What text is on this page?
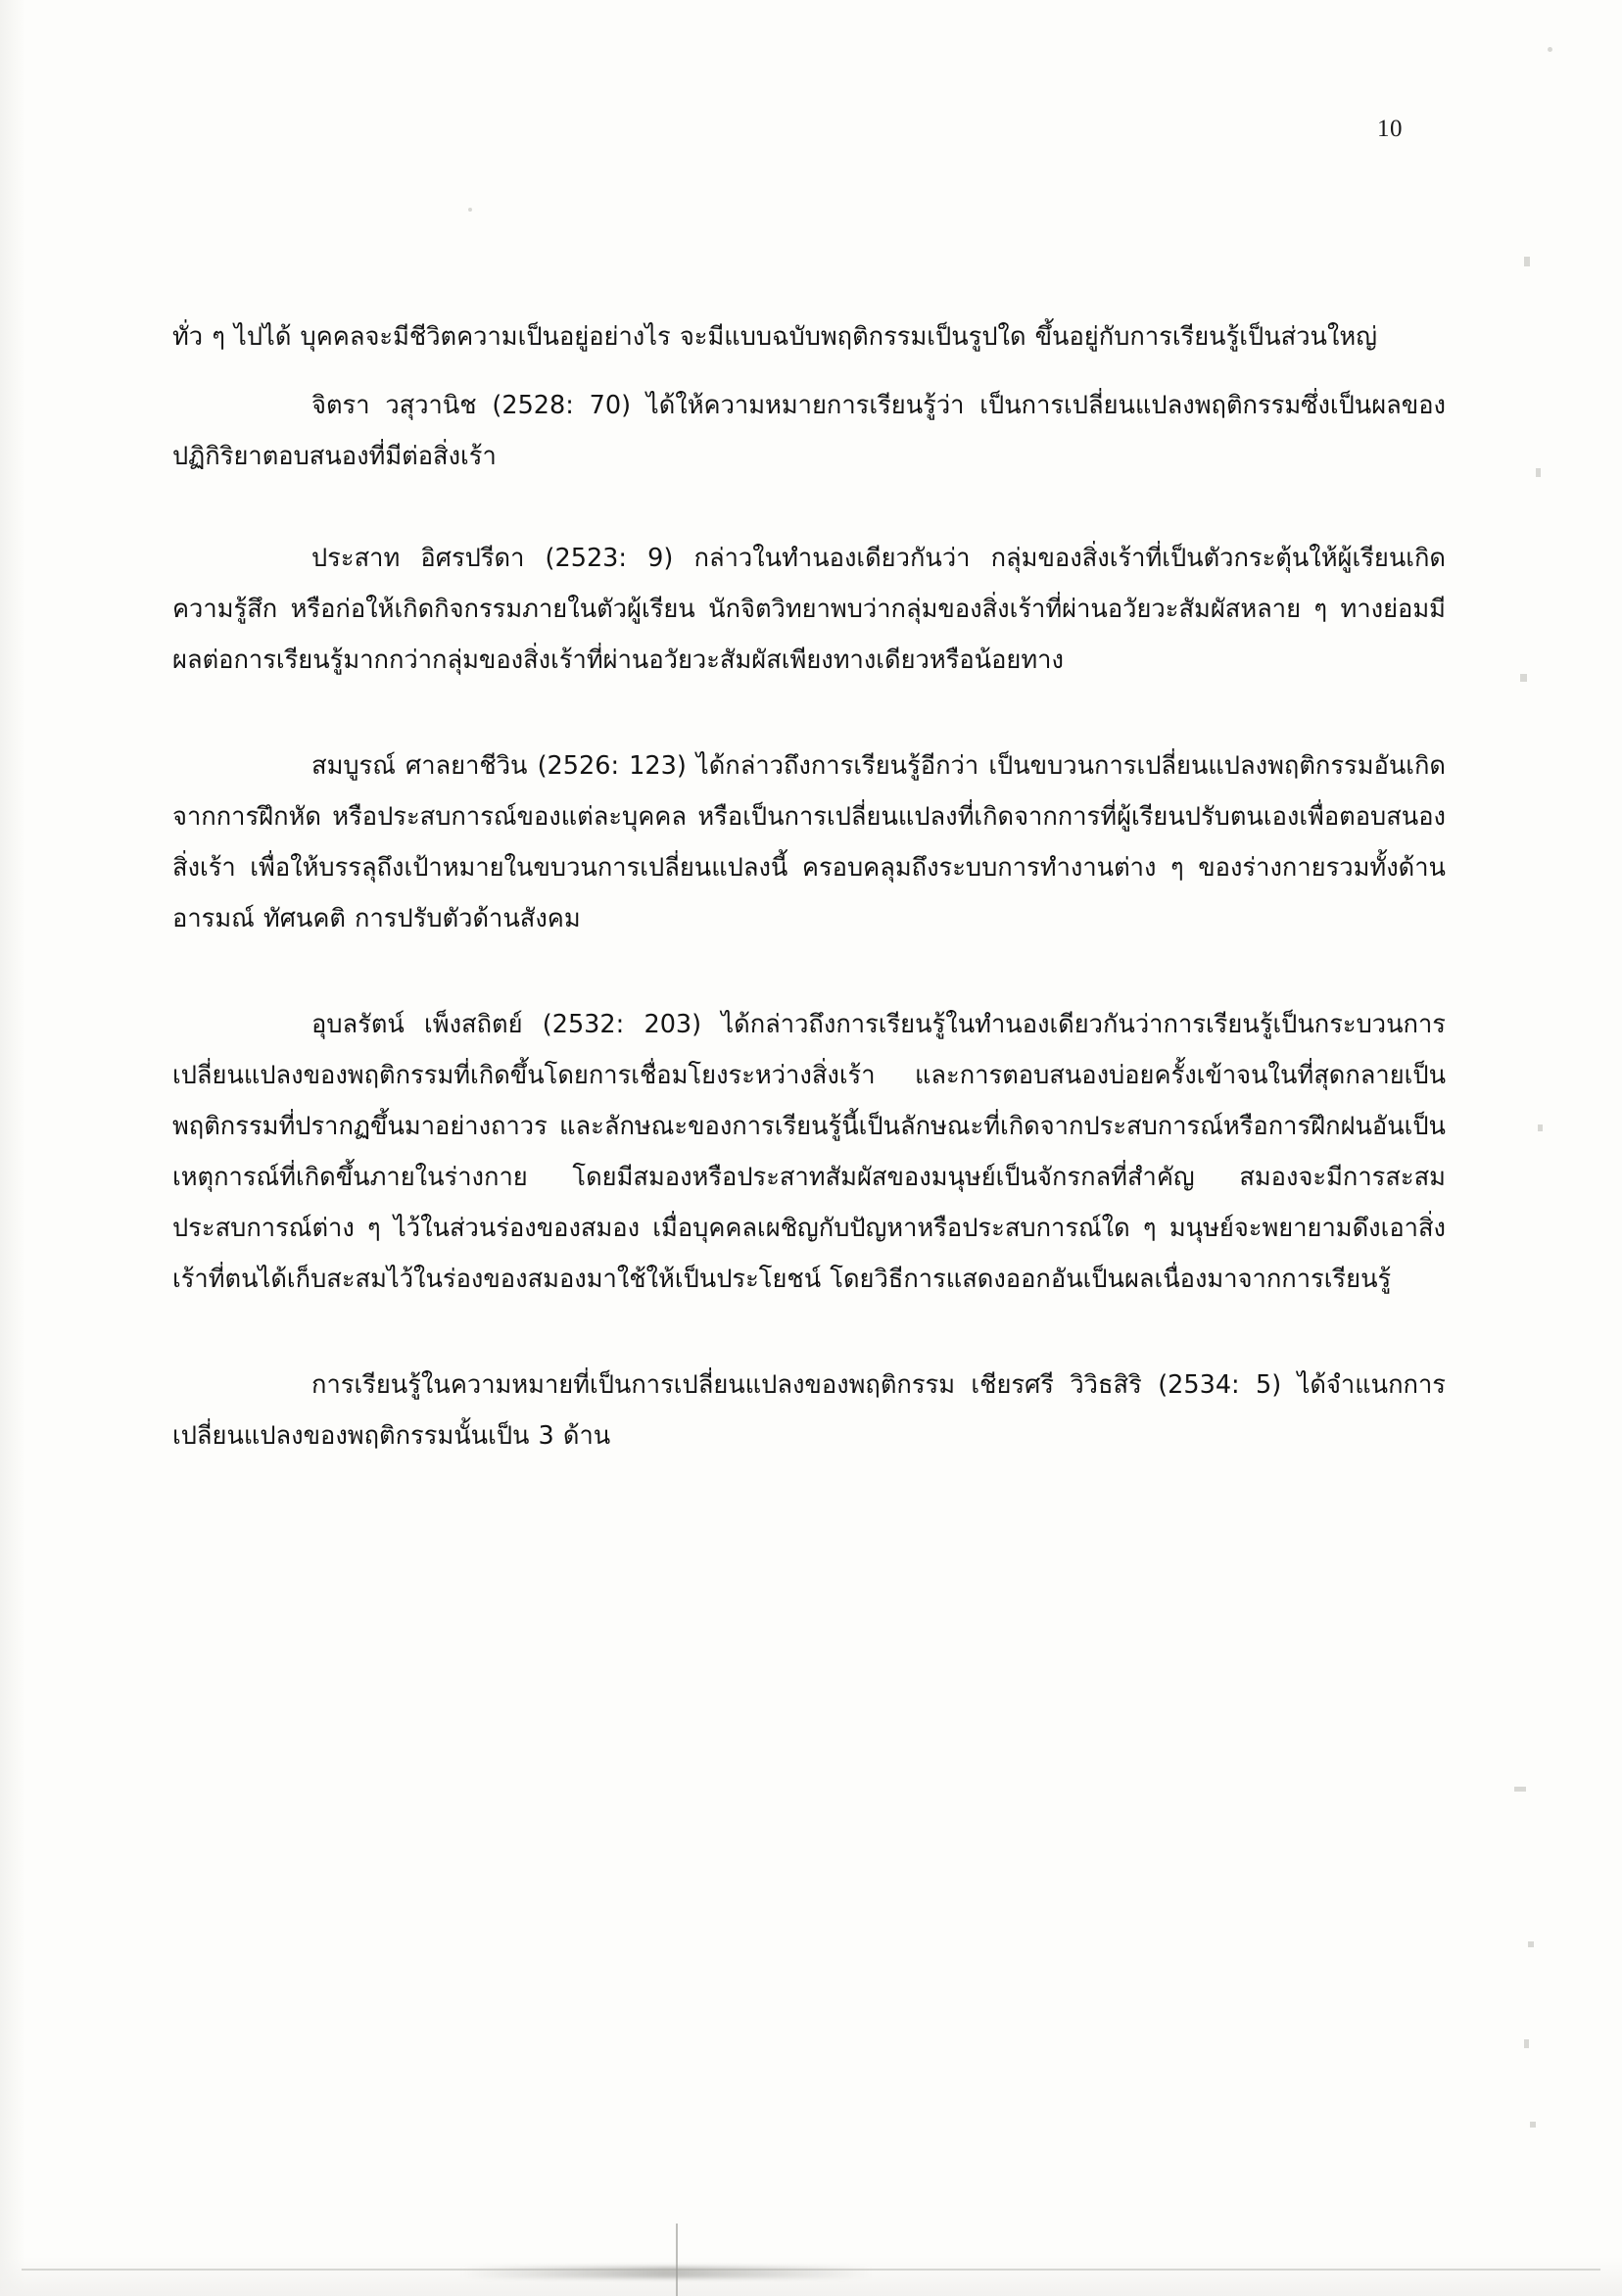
10

ทั่ว ๆ ไปได้ บุคคลจะมีชีวิตความเป็นอยู่อย่างไร จะมีแบบฉบับพฤติกรรมเป็นรูปใด ขึ้นอยู่กับการเรียนรู้เป็นส่วนใหญ่

จิตรา วสุวานิช (2528: 70) ได้ให้ความหมายการเรียนรู้ว่า เป็นการเปลี่ยนแปลงพฤติกรรมซึ่งเป็นผลของปฏิกิริยาตอบสนองที่มีต่อสิ่งเร้า

ประสาท อิศรปรีดา (2523: 9) กล่าวในทำนองเดียวกันว่า กลุ่มของสิ่งเร้าที่เป็นตัวกระตุ้นให้ผู้เรียนเกิดความรู้สึก หรือก่อให้เกิดกิจกรรมภายในตัวผู้เรียน นักจิตวิทยาพบว่ากลุ่มของสิ่งเร้าที่ผ่านอวัยวะสัมผัสหลาย ๆ ทางย่อมมีผลต่อการเรียนรู้มากกว่ากลุ่มของสิ่งเร้าที่ผ่านอวัยวะสัมผัสเพียงทางเดียวหรือน้อยทาง

สมบูรณ์ ศาลยาชีวิน (2526: 123) ได้กล่าวถึงการเรียนรู้อีกว่า เป็นขบวนการเปลี่ยนแปลงพฤติกรรมอันเกิดจากการฝึกหัด หรือประสบการณ์ของแต่ละบุคคล หรือเป็นการเปลี่ยนแปลงที่เกิดจากการที่ผู้เรียนปรับตนเองเพื่อตอบสนองสิ่งเร้า เพื่อให้บรรลุถึงเป้าหมายในขบวนการเปลี่ยนแปลงนี้ ครอบคลุมถึงระบบการทำงานต่าง ๆ ของร่างกายรวมทั้งด้านอารมณ์ ทัศนคติ การปรับตัวด้านสังคม

อุบลรัตน์ เพ็งสถิตย์ (2532: 203) ได้กล่าวถึงการเรียนรู้ในทำนองเดียวกันว่าการเรียนรู้เป็นกระบวนการเปลี่ยนแปลงของพฤติกรรมที่เกิดขึ้นโดยการเชื่อมโยงระหว่างสิ่งเร้า และการตอบสนองบ่อยครั้งเข้าจนในที่สุดกลายเป็นพฤติกรรมที่ปรากฏขึ้นมาอย่างถาวร และลักษณะของการเรียนรู้นี้เป็นลักษณะที่เกิดจากประสบการณ์หรือการฝึกฝนอันเป็นเหตุการณ์ที่เกิดขึ้นภายในร่างกาย โดยมีสมองหรือประสาทสัมผัสของมนุษย์เป็นจักรกลที่สำคัญ สมองจะมีการสะสมประสบการณ์ต่าง ๆ ไว้ในส่วนร่องของสมอง เมื่อบุคคลเผชิญกับปัญหาหรือประสบการณ์ใด ๆ มนุษย์จะพยายามดึงเอาสิ่งเร้าที่ตนได้เก็บสะสมไว้ในร่องของสมองมาใช้ให้เป็นประโยชน์ โดยวิธีการแสดงออกอันเป็นผลเนื่องมาจากการเรียนรู้

การเรียนรู้ในความหมายที่เป็นการเปลี่ยนแปลงของพฤติกรรม เชียรศรี วิวิธสิริ (2534: 5) ได้จำแนกการเปลี่ยนแปลงของพฤติกรรมนั้นเป็น 3 ด้าน
